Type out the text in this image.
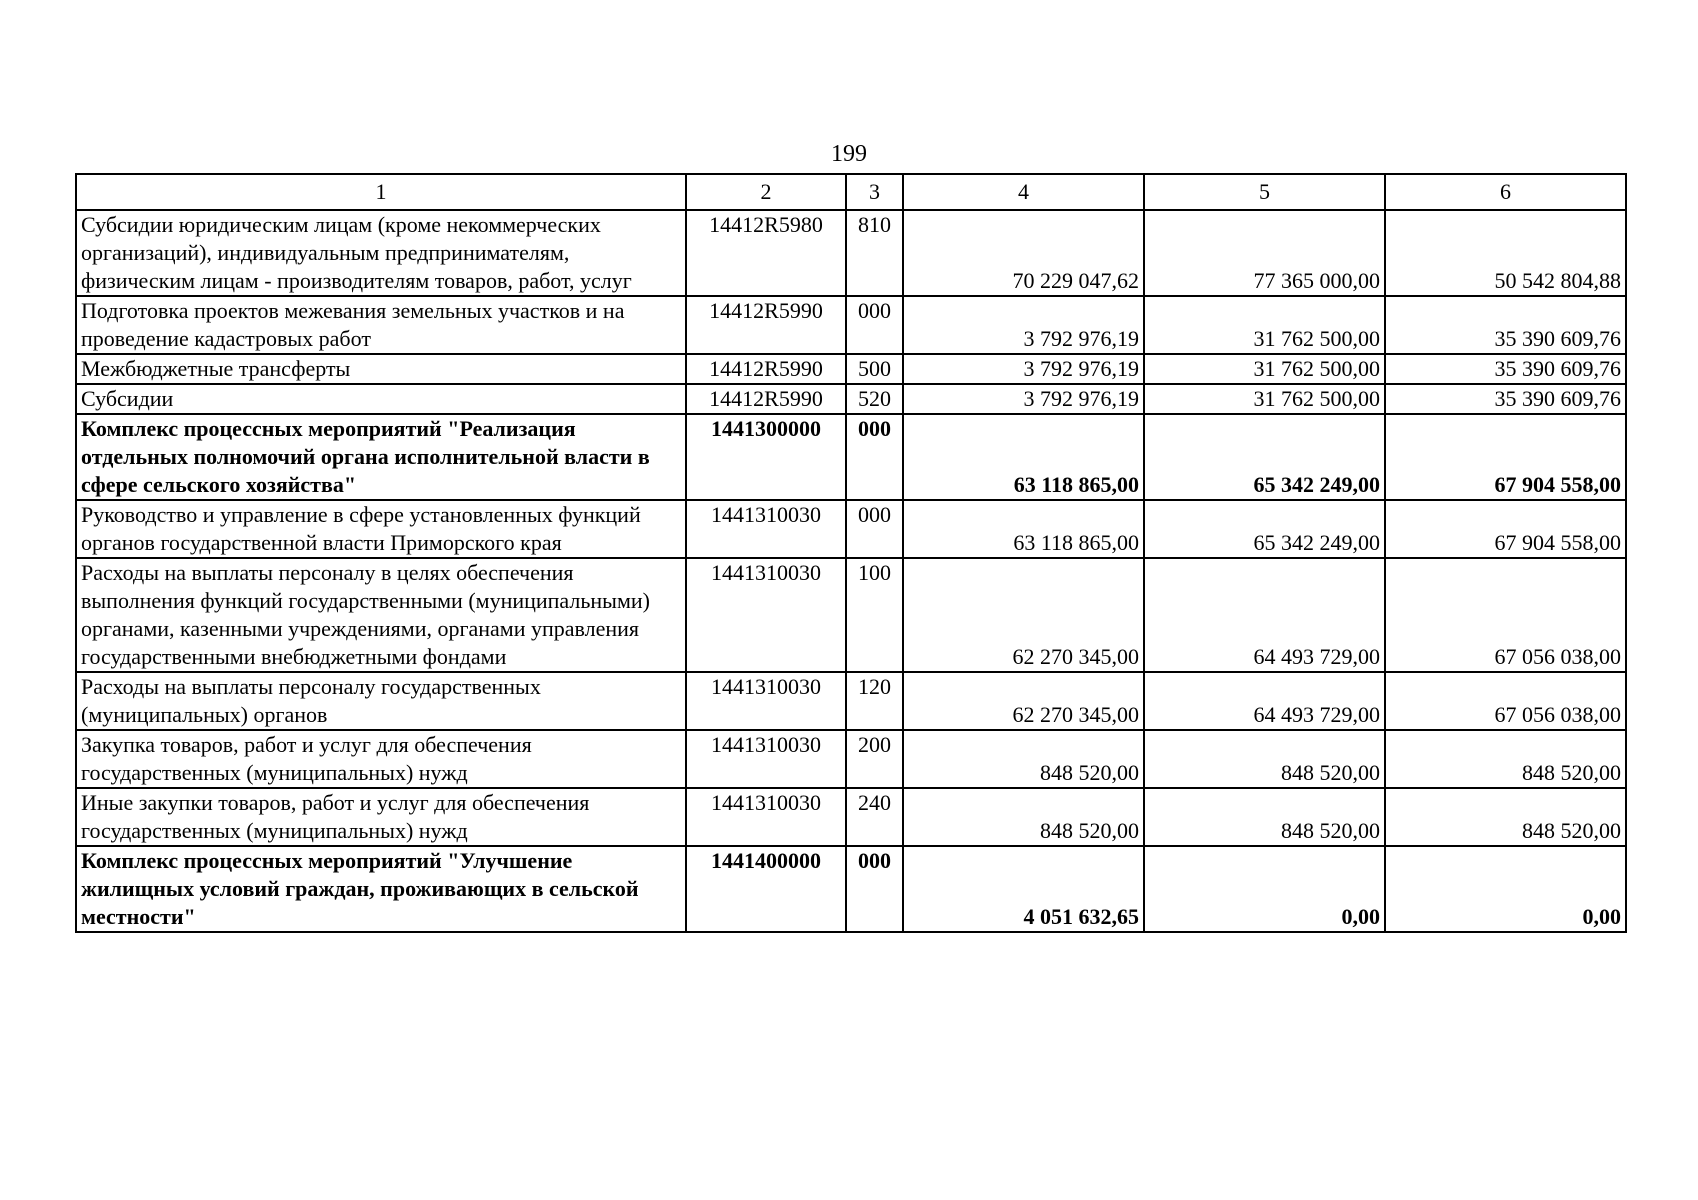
199
1	2	3	4	5	6
Субсидии юридическим лицам (кроме некоммерческих организаций), индивидуальным предпринимателям, физическим лицам - производителям товаров, работ, услуг	14412R5980	810	70 229 047,62	77 365 000,00	50 542 804,88
Подготовка проектов межевания земельных участков и на проведение кадастровых работ	14412R5990	000	3 792 976,19	31 762 500,00	35 390 609,76
Межбюджетные трансферты	14412R5990	500	3 792 976,19	31 762 500,00	35 390 609,76
Субсидии	14412R5990	520	3 792 976,19	31 762 500,00	35 390 609,76
Комплекс процессных мероприятий "Реализация отдельных полномочий органа исполнительной власти в сфере сельского хозяйства"	1441300000	000	63 118 865,00	65 342 249,00	67 904 558,00
Руководство и управление в сфере установленных функций органов государственной власти Приморского края	1441310030	000	63 118 865,00	65 342 249,00	67 904 558,00
Расходы на выплаты персоналу в целях обеспечения выполнения функций государственными (муниципальными) органами, казенными учреждениями, органами управления государственными внебюджетными фондами	1441310030	100	62 270 345,00	64 493 729,00	67 056 038,00
Расходы на выплаты персоналу государственных (муниципальных) органов	1441310030	120	62 270 345,00	64 493 729,00	67 056 038,00
Закупка товаров, работ и услуг для обеспечения государственных (муниципальных) нужд	1441310030	200	848 520,00	848 520,00	848 520,00
Иные закупки товаров, работ и услуг для обеспечения государственных (муниципальных) нужд	1441310030	240	848 520,00	848 520,00	848 520,00
Комплекс процессных мероприятий "Улучшение жилищных условий граждан, проживающих в сельской местности"	1441400000	000	4 051 632,65	0,00	0,00
